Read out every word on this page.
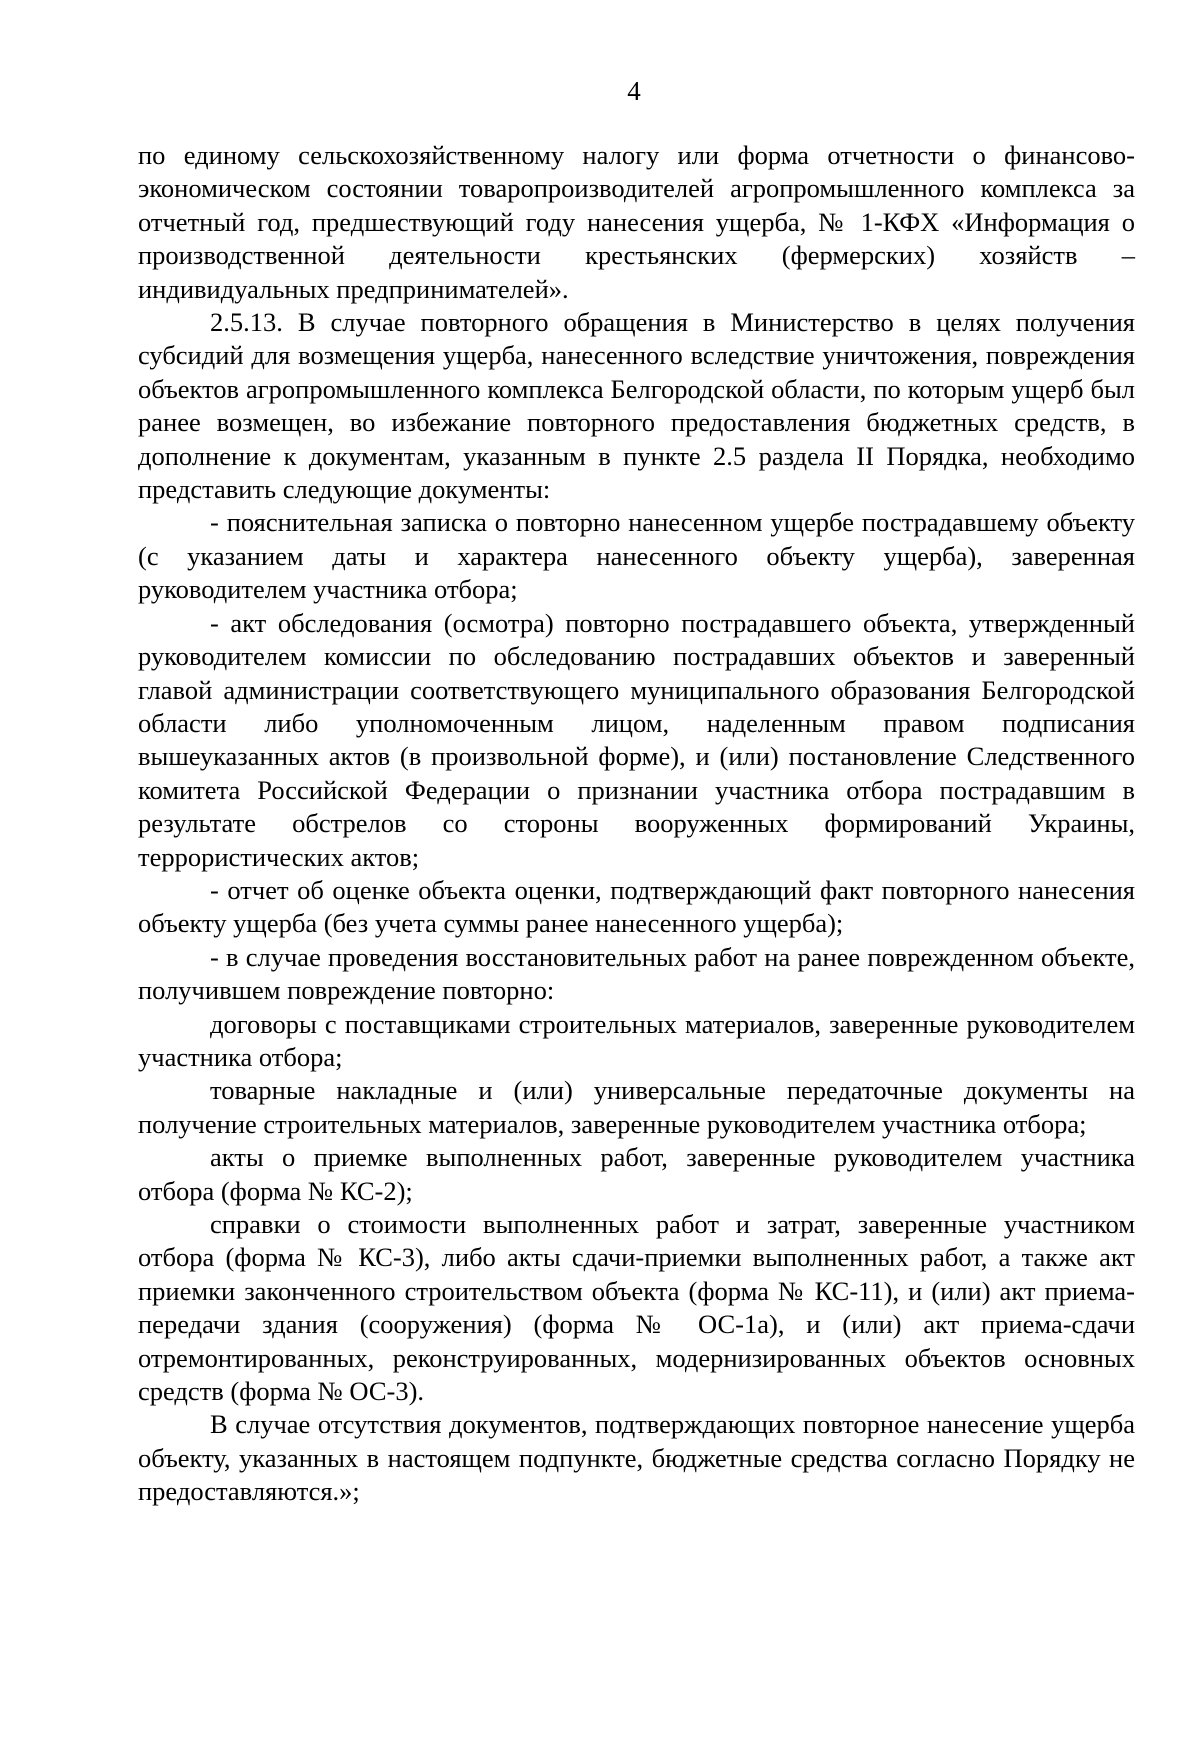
4

по единому сельскохозяйственному налогу или форма отчетности о финансово-экономическом состоянии товаропроизводителей агропромышленного комплекса за отчетный год, предшествующий году нанесения ущерба, № 1-КФХ «Информация о производственной деятельности крестьянских (фермерских) хозяйств – индивидуальных предпринимателей».

2.5.13. В случае повторного обращения в Министерство в целях получения субсидий для возмещения ущерба, нанесенного вследствие уничтожения, повреждения объектов агропромышленного комплекса Белгородской области, по которым ущерб был ранее возмещен, во избежание повторного предоставления бюджетных средств, в дополнение к документам, указанным в пункте 2.5 раздела II Порядка, необходимо представить следующие документы:

- пояснительная записка о повторно нанесенном ущербе пострадавшему объекту (с указанием даты и характера нанесенного объекту ущерба), заверенная руководителем участника отбора;

- акт обследования (осмотра) повторно пострадавшего объекта, утвержденный руководителем комиссии по обследованию пострадавших объектов и заверенный главой администрации соответствующего муниципального образования Белгородской области либо уполномоченным лицом, наделенным правом подписания вышеуказанных актов (в произвольной форме), и (или) постановление Следственного комитета Российской Федерации о признании участника отбора пострадавшим в результате обстрелов со стороны вооруженных формирований Украины, террористических актов;

- отчет об оценке объекта оценки, подтверждающий факт повторного нанесения объекту ущерба (без учета суммы ранее нанесенного ущерба);

- в случае проведения восстановительных работ на ранее поврежденном объекте, получившем повреждение повторно:

договоры с поставщиками строительных материалов, заверенные руководителем участника отбора;

товарные накладные и (или) универсальные передаточные документы на получение строительных материалов, заверенные руководителем участника отбора;

акты о приемке выполненных работ, заверенные руководителем участника отбора (форма № КС-2);

справки о стоимости выполненных работ и затрат, заверенные участником отбора (форма № КС-3), либо акты сдачи-приемки выполненных работ, а также акт приемки законченного строительством объекта (форма № КС-11), и (или) акт приема-передачи здания (сооружения) (форма № ОС-1а), и (или) акт приема-сдачи отремонтированных, реконструированных, модернизированных объектов основных средств (форма № ОС-3).

В случае отсутствия документов, подтверждающих повторное нанесение ущерба объекту, указанных в настоящем подпункте, бюджетные средства согласно Порядку не предоставляются.»;
